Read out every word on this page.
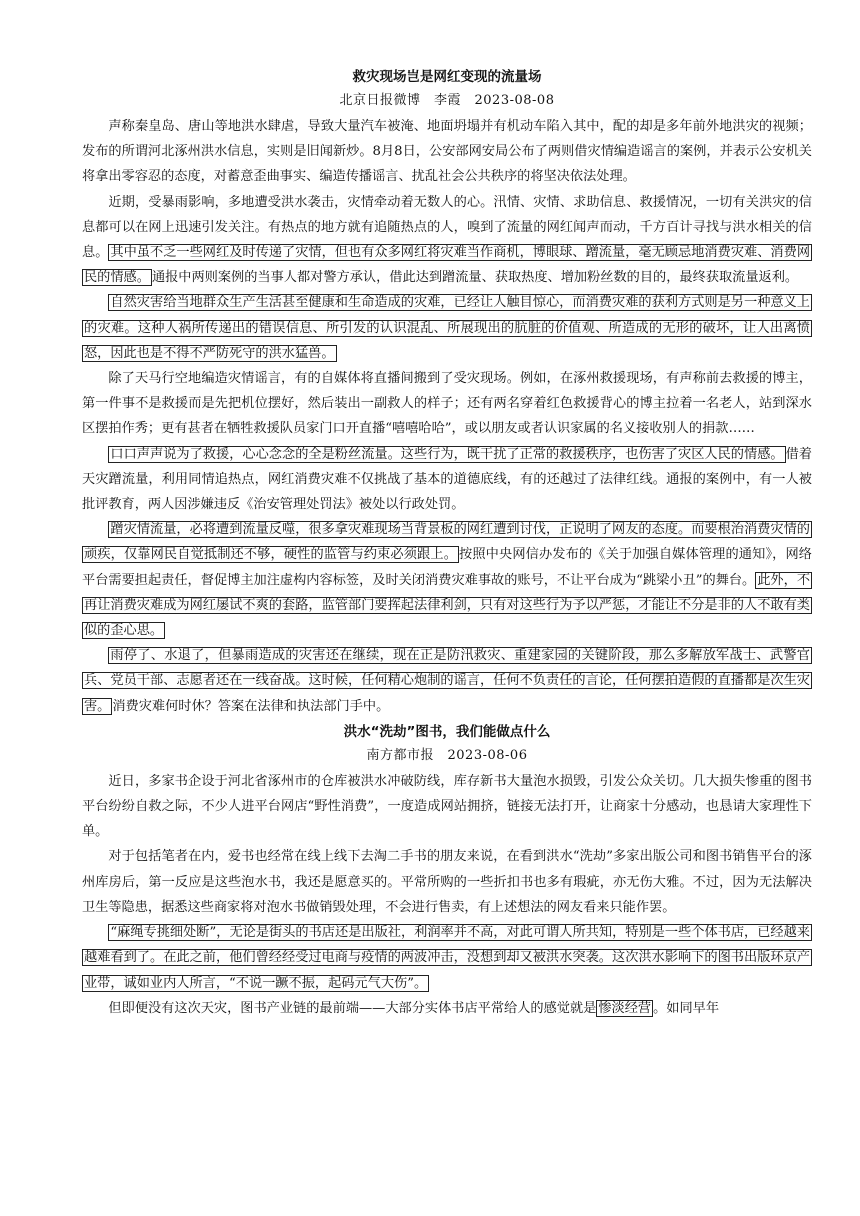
救灾现场岂是网红变现的流量场
北京日报微博　李霞　2023-08-08

声称秦皇岛、唐山等地洪水肆虐，导致大量汽车被淹、地面坍塌并有机动车陷入其中，配的却是多年前外地洪灾的视频；发布的所谓河北涿州洪水信息，实则是旧闻新炒。8月8日，公安部网安局公布了两则借灾情编造谣言的案例，并表示公安机关将拿出零容忍的态度，对蓄意歪曲事实、编造传播谣言、扰乱社会公共秩序的将坚决依法处理。

近期，受暴雨影响，多地遭受洪水袭击，灾情牵动着无数人的心。汛情、灾情、求助信息、救援情况，一切有关洪灾的信息都可以在网上迅速引发关注。有热点的地方就有追随热点的人，嗅到了流量的网红闻声而动，千方百计寻找与洪水相关的信息。 其中虽不乏一些网红及时传递了灾情，但也有众多网红将灾难当作商机，博眼球、蹭流量，毫无顾忌地消费灾难、消费网民的情感。 通报中两则案例的当事人都对警方承认，借此达到蹭流量、获取热度、增加粉丝数的目的，最终获取流量返利。

自然灾害给当地群众生产生活甚至健康和生命造成的灾难，已经让人触目惊心，而消费灾难的获利方式则是另一种意义上的灾难。这种人祸所传递出的错误信息、所引发的认识混乱、所展现出的肮脏的价值观、所造成的无形的破坏，让人出离愤怒，因此也是不得不严防死守的洪水猛兽。

除了天马行空地编造灾情谣言，有的自媒体将直播间搬到了受灾现场。例如，在涿州救援现场，有声称前去救援的博主，第一件事不是救援而是先把机位摆好，然后装出一副救人的样子；还有两名穿着红色救援背心的博主拉着一名老人，站到深水区摆拍作秀；更有甚者在牺牲救援队员家门口开直播“嘻嘻哈哈”，或以朋友或者认识家属的名义接收别人的捐款……

口口声声说为了救援，心心念念的全是粉丝流量。这些行为，既干扰了正常的救援秩序，也伤害了灾区人民的情感。 借着天灾蹭流量，利用同情追热点，网红消费灾难不仅挑战了基本的道德底线，有的还越过了法律红线。通报的案例中，有一人被批评教育，两人因涉嫌违反《治安管理处罚法》被处以行政处罚。

蹭灾情流量，必将遭到流量反噬，很多拿灾难现场当背景板的网红遭到讨伐，正说明了网友的态度。而要根治消费灾情的顽疾，仅靠网民自觉抵制还不够，硬性的监管与约束必须跟上。 按照中央网信办发布的《关于加强自媒体管理的通知》，网络平台需要担起责任，督促博主加注虚构内容标签，及时关闭消费灾难事故的账号，不让平台成为“跳梁小丑”的舞台。 此外，不再让消费灾难成为网红屡试不爽的套路，监管部门要挥起法律利剑，只有对这些行为予以严惩，才能让不分是非的人不敢有类似的歪心思。

雨停了、水退了，但暴雨造成的灾害还在继续，现在正是防汛救灾、重建家园的关键阶段，那么多解放军战士、武警官兵、党员干部、志愿者还在一线奋战。这时候，任何精心炮制的谣言，任何不负责任的言论，任何摆拍造假的直播都是次生灾害。 消费灾难何时休？答案在法律和执法部门手中。

洪水“洗劫”图书，我们能做点什么
南方都市报　2023-08-06

近日，多家书企设于河北省涿州市的仓库被洪水冲破防线，库存新书大量泡水损毁，引发公众关切。几大损失惨重的图书平台纷纷自救之际，不少人进平台网店“野性消费”，一度造成网站拥挤，链接无法打开，让商家十分感动，也恳请大家理性下单。

对于包括笔者在内，爱书也经常在线上线下去淘二手书的朋友来说，在看到洪水“洗劫”多家出版公司和图书销售平台的涿州库房后，第一反应是这些泡水书，我还是愿意买的。平常所购的一些折扣书也多有瑕疵，亦无伤大雅。不过，因为无法解决卫生等隐患，据悉这些商家将对泡水书做销毁处理，不会进行售卖，有上述想法的网友看来只能作罢。

“麻绳专挑细处断”，无论是街头的书店还是出版社，利润率并不高，对此可谓人所共知，特别是一些个体书店，已经越来越难看到了。在此之前，他们曾经经受过电商与疫情的两波冲击，没想到却又被洪水突袭。这次洪水影响下的图书出版环京产业带，诚如业内人所言，“不说一蹶不振，起码元气大伤”。

但即便没有这次天灾，图书产业链的最前端——大部分实体书店平常给人的感觉就是 惨淡经营 。如同早年
